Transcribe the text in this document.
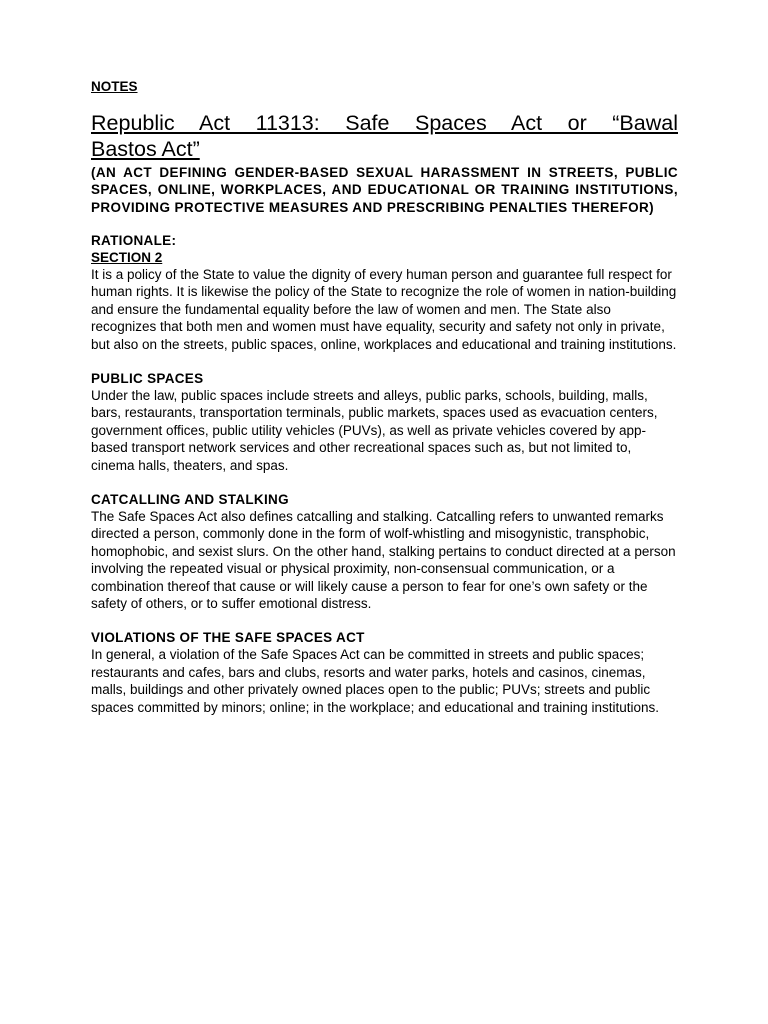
NOTES

Republic Act 11313: Safe Spaces Act or “Bawal
Bastos Act”

(AN ACT DEFINING GENDER-BASED SEXUAL HARASSMENT IN STREETS, PUBLIC SPACES, ONLINE, WORKPLACES, AND EDUCATIONAL OR TRAINING INSTITUTIONS, PROVIDING PROTECTIVE MEASURES AND PRESCRIBING PENALTIES THEREFOR)

RATIONALE:

SECTION 2

It is a policy of the State to value the dignity of every human person and guarantee full respect for human rights. It is likewise the policy of the State to recognize the role of women in nation-building and ensure the fundamental equality before the law of women and men. The State also recognizes that both men and women must have equality, security and safety not only in private, but also on the streets, public spaces, online, workplaces and educational and training institutions.

PUBLIC SPACES

Under the law, public spaces include streets and alleys, public parks, schools, building, malls, bars, restaurants, transportation terminals, public markets, spaces used as evacuation centers, government offices, public utility vehicles (PUVs), as well as private vehicles covered by app-based transport network services and other recreational spaces such as, but not limited to, cinema halls, theaters, and spas.

CATCALLING AND STALKING

The Safe Spaces Act also defines catcalling and stalking. Catcalling refers to unwanted remarks directed a person, commonly done in the form of wolf-whistling and misogynistic, transphobic, homophobic, and sexist slurs. On the other hand, stalking pertains to conduct directed at a person involving the repeated visual or physical proximity, non-consensual communication, or a combination thereof that cause or will likely cause a person to fear for one’s own safety or the safety of others, or to suffer emotional distress.

VIOLATIONS OF THE SAFE SPACES ACT

In general, a violation of the Safe Spaces Act can be committed in streets and public spaces; restaurants and cafes, bars and clubs, resorts and water parks, hotels and casinos, cinemas, malls, buildings and other privately owned places open to the public; PUVs; streets and public spaces committed by minors; online; in the workplace; and educational and training institutions.
